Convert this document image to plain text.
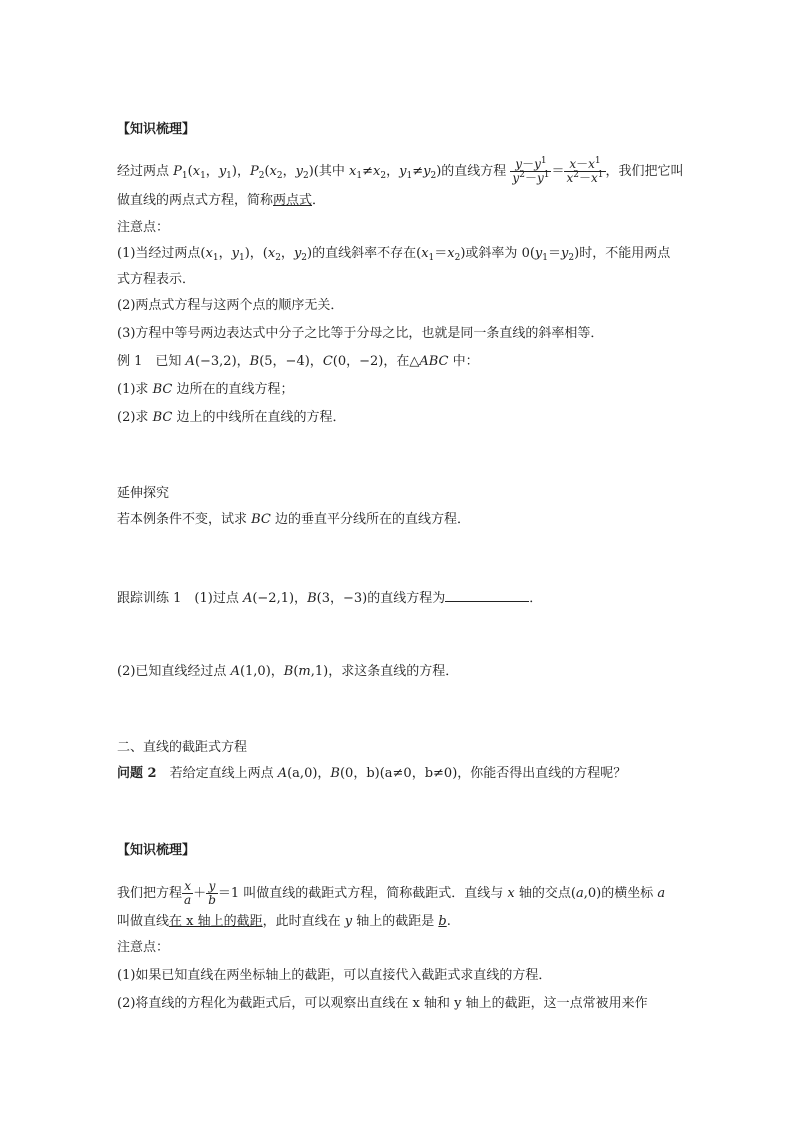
【知识梳理】
经过两点 $P_1(x_1$，$y_1$)，$P_2(x_2$，$y_2$)(其中 $x_1\ne x_2$，$y_1\ne y_2$)的直线方程 $\frac{y-y^1}{y^2-y^1} = \frac{x-x^1}{x^2-x^1}$ ，我们把它叫
做直线的两点式方程，简称两点式．
注意点：
(1)当经过两点($x_1$，$y_1$)，($x_2$，$y_2$)的直线斜率不存在$(x_1=x_2)$或斜率为 $0(y_1=y_2)$时，不能用两点
式方程表示．
(2)两点式方程与这两个点的顺序无关．
(3)方程中等号两边表达式中分子之比等于分母之比，也就是同一条直线的斜率相等．
例 1　已知 A(−3,2)，B(5，−4)，C(0，−2)，在△ABC 中：
(1)求 BC 边所在的直线方程；
(2)求 BC 边上的中线所在直线的方程．
延伸探究
若本例条件不变，试求 BC 边的垂直平分线所在的直线方程．
跟踪训练 1　(1)过点 A(−2,1)，B(3，−3)的直线方程为	．
(2)已知直线经过点 A(1,0)，B(m,1)，求这条直线的方程．
二、直线的截距式方程
问题 2　若给定直线上两点 A(a,0)，B(0，b)(a≠0，b≠0)，你能否得出直线的方程呢？
【知识梳理】
我们把方程 $\frac{x}{a} + \frac{y}{b} =1$ 叫做直线的截距式方程，简称截距式．直线与 x 轴的交点(a,0)的横坐标 a
叫做直线在 x 轴上的截距，此时直线在 y 轴上的截距是 b.
注意点：
(1)如果已知直线在两坐标轴上的截距，可以直接代入截距式求直线的方程．
(2)将直线的方程化为截距式后，可以观察出直线在 x 轴和 y 轴上的截距，这一点常被用来作
